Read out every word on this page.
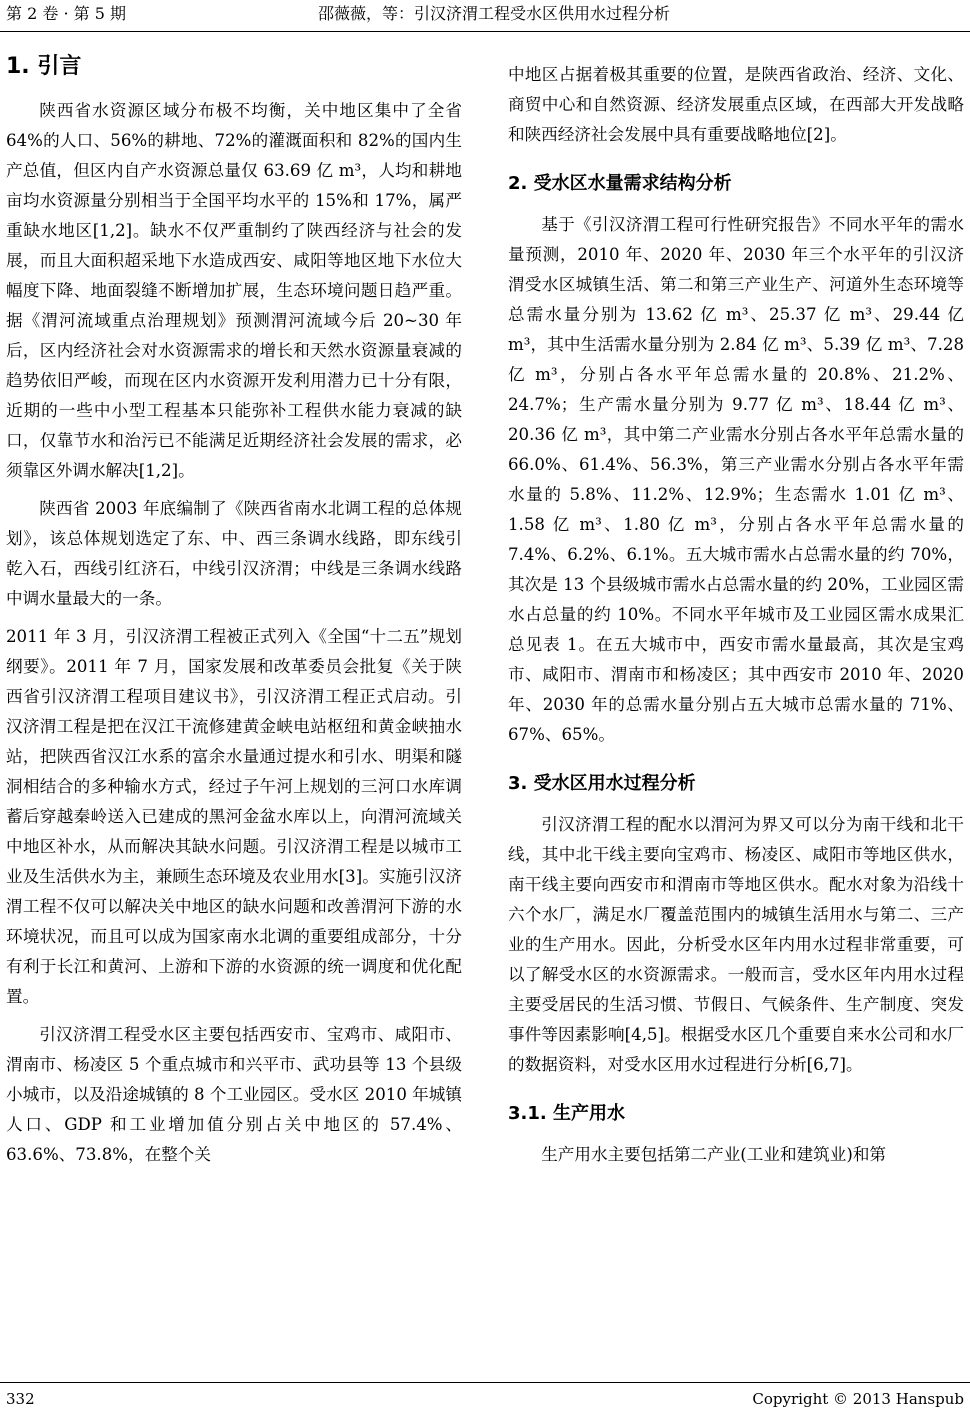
第 2 卷 · 第 5 期	邵薇薇，等：引汉济渭工程受水区供用水过程分析
1. 引言

陕西省水资源区域分布极不均衡，关中地区集中了全省 64%的人口、56%的耕地、72%的灌溉面积和 82%的国内生产总值，但区内自产水资源总量仅 63.69 亿 m³，人均和耕地亩均水资源量分别相当于全国平均水平的 15%和 17%，属严重缺水地区[1,2]。缺水不仅严重制约了陕西经济与社会的发展，而且大面积超采地下水造成西安、咸阳等地区地下水位大幅度下降、地面裂缝不断增加扩展，生态环境问题日趋严重。据《渭河流域重点治理规划》预测渭河流域今后 20~30 年后，区内经济社会对水资源需求的增长和天然水资源量衰减的趋势依旧严峻，而现在区内水资源开发利用潜力已十分有限，近期的一些中小型工程基本只能弥补工程供水能力衰减的缺口，仅靠节水和治污已不能满足近期经济社会发展的需求，必须靠区外调水解决[1,2]。

陕西省 2003 年底编制了《陕西省南水北调工程的总体规划》，该总体规划选定了东、中、西三条调水线路，即东线引乾入石，西线引红济石，中线引汉济渭；中线是三条调水线路中调水量最大的一条。

2011 年 3 月，引汉济渭工程被正式列入《全国“十二五”规划纲要》。2011 年 7 月，国家发展和改革委员会批复《关于陕西省引汉济渭工程项目建议书》，引汉济渭工程正式启动。引汉济渭工程是把在汉江干流修建黄金峡电站枢纽和黄金峡抽水站，把陕西省汉江水系的富余水量通过提水和引水、明渠和隧洞相结合的多种输水方式，经过子午河上规划的三河口水库调蓄后穿越秦岭送入已建成的黑河金盆水库以上，向渭河流域关中地区补水，从而解决其缺水问题。引汉济渭工程是以城市工业及生活供水为主，兼顾生态环境及农业用水[3]。实施引汉济渭工程不仅可以解决关中地区的缺水问题和改善渭河下游的水环境状况，而且可以成为国家南水北调的重要组成部分，十分有利于长江和黄河、上游和下游的水资源的统一调度和优化配置。

引汉济渭工程受水区主要包括西安市、宝鸡市、咸阳市、渭南市、杨凌区 5 个重点城市和兴平市、武功县等 13 个县级小城市，以及沿途城镇的 8 个工业园区。受水区 2010 年城镇人口、GDP 和工业增加值分别占关中地区的 57.4%、63.6%、73.8%，在整个关

中地区占据着极其重要的位置，是陕西省政治、经济、文化、商贸中心和自然资源、经济发展重点区域，在西部大开发战略和陕西经济社会发展中具有重要战略地位[2]。

2. 受水区水量需求结构分析

基于《引汉济渭工程可行性研究报告》不同水平年的需水量预测，2010 年、2020 年、2030 年三个水平年的引汉济渭受水区城镇生活、第二和第三产业生产、河道外生态环境等总需水量分别为 13.62 亿 m³、25.37 亿 m³、29.44 亿 m³，其中生活需水量分别为 2.84 亿 m³、5.39 亿 m³、7.28 亿 m³，分别占各水平年总需水量的 20.8%、21.2%、24.7%；生产需水量分别为 9.77 亿 m³、18.44 亿 m³、20.36 亿 m³，其中第二产业需水分别占各水平年总需水量的 66.0%、61.4%、56.3%，第三产业需水分别占各水平年需水量的 5.8%、11.2%、12.9%；生态需水 1.01 亿 m³、1.58 亿 m³、1.80 亿 m³，分别占各水平年总需水量的 7.4%、6.2%、6.1%。五大城市需水占总需水量的约 70%，其次是 13 个县级城市需水占总需水量的约 20%，工业园区需水占总量的约 10%。不同水平年城市及工业园区需水成果汇总见表 1。在五大城市中，西安市需水量最高，其次是宝鸡市、咸阳市、渭南市和杨凌区；其中西安市 2010 年、2020 年、2030 年的总需水量分别占五大城市总需水量的 71%、67%、65%。

3. 受水区用水过程分析

引汉济渭工程的配水以渭河为界又可以分为南干线和北干线，其中北干线主要向宝鸡市、杨凌区、咸阳市等地区供水，南干线主要向西安市和渭南市等地区供水。配水对象为沿线十六个水厂，满足水厂覆盖范围内的城镇生活用水与第二、三产业的生产用水。因此，分析受水区年内用水过程非常重要，可以了解受水区的水资源需求。一般而言，受水区年内用水过程主要受居民的生活习惯、节假日、气候条件、生产制度、突发事件等因素影响[4,5]。根据受水区几个重要自来水公司和水厂的数据资料，对受水区用水过程进行分析[6,7]。

3.1. 生产用水

生产用水主要包括第二产业(工业和建筑业)和第

332	Copyright © 2013 Hanspub
